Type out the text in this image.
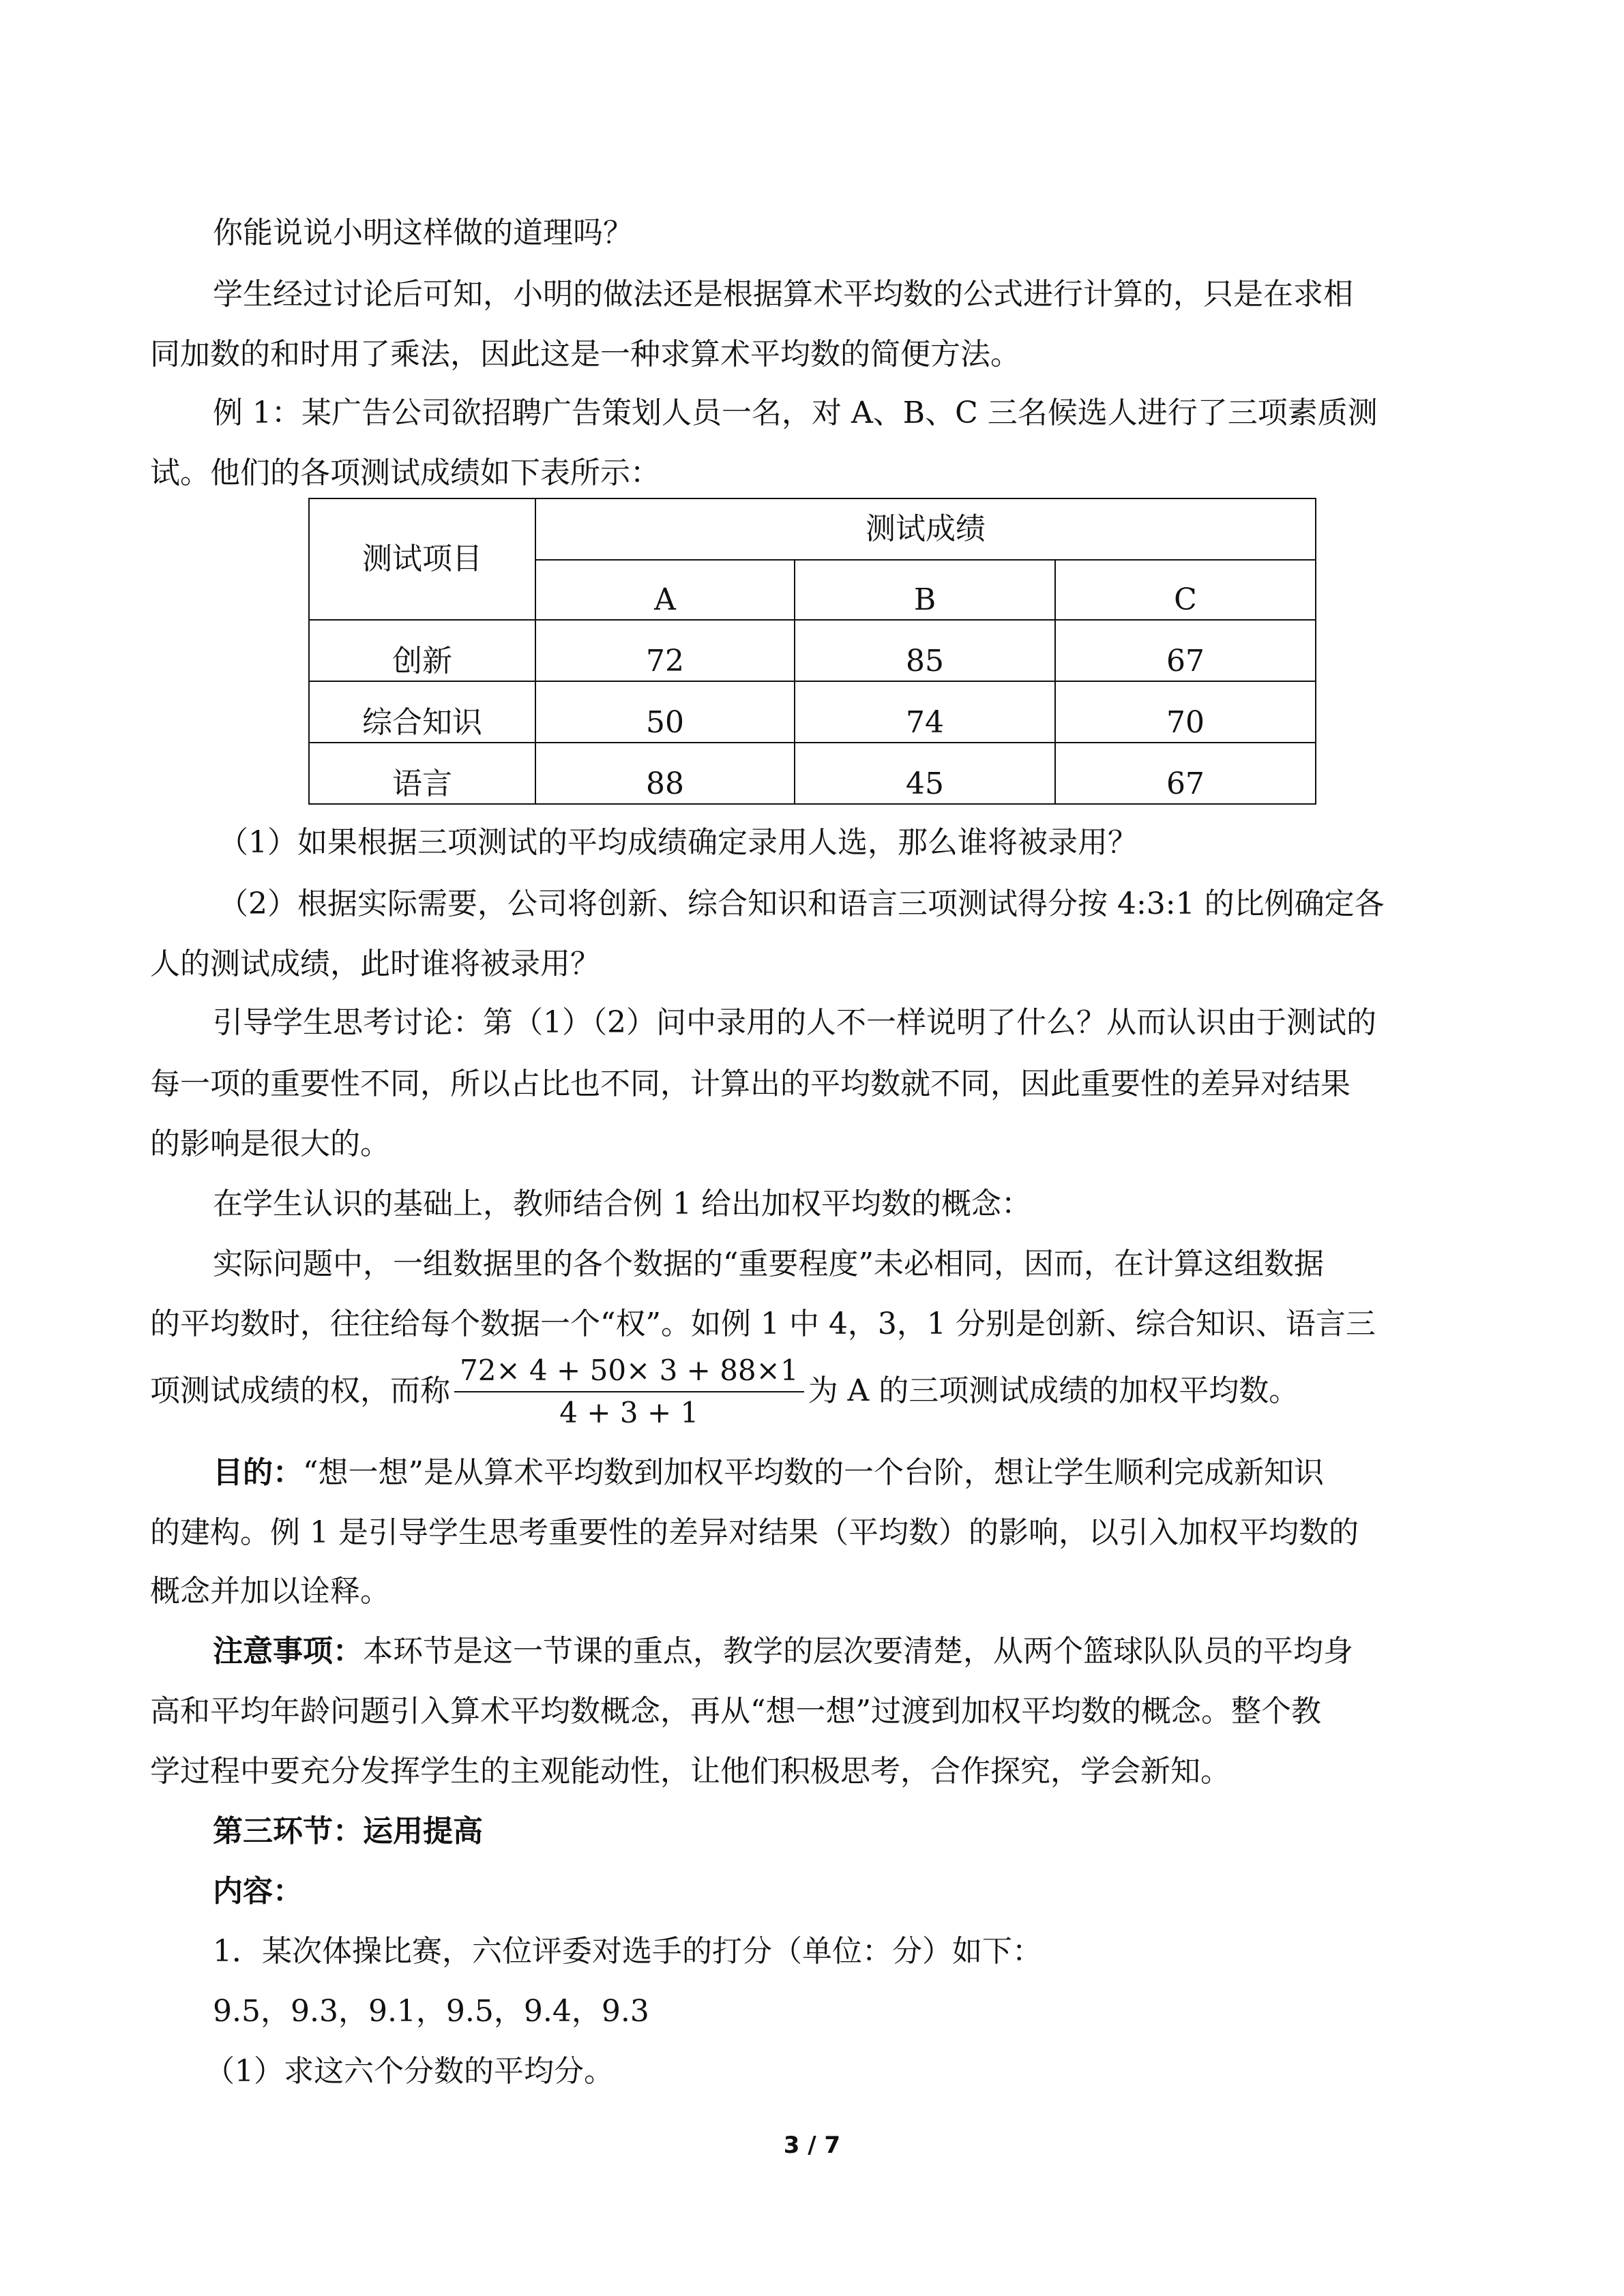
你能说说小明这样做的道理吗？
学生经过讨论后可知，小明的做法还是根据算术平均数的公式进行计算的，只是在求相
同加数的和时用了乘法，因此这是一种求算术平均数的简便方法。
例 1：某广告公司欲招聘广告策划人员一名，对 A、B、C 三名候选人进行了三项素质测
试。他们的各项测试成绩如下表所示：
测试项目	测试成绩		
	A	B	C
创新	72	85	67
综合知识	50	74	70
语言	88	45	67
（1）如果根据三项测试的平均成绩确定录用人选，那么谁将被录用？
（2）根据实际需要，公司将创新、综合知识和语言三项测试得分按 4:3:1 的比例确定各
人的测试成绩，此时谁将被录用？
引导学生思考讨论：第（1）（2）问中录用的人不一样说明了什么？从而认识由于测试的
每一项的重要性不同，所以占比也不同，计算出的平均数就不同，因此重要性的差异对结果
的影响是很大的。
在学生认识的基础上，教师结合例 1 给出加权平均数的概念：
实际问题中，一组数据里的各个数据的“重要程度”未必相同，因而，在计算这组数据
的平均数时，往往给每个数据一个“权”。如例 1 中 4，3，1 分别是创新、综合知识、语言三
项测试成绩的权，而称 $\frac{72\times 4 + 50\times 3 + 88\times 1}{4 + 3 + 1}$ 为 A 的三项测试成绩的加权平均数。
目的：“想一想”是从算术平均数到加权平均数的一个台阶，想让学生顺利完成新知识
的建构。例 1 是引导学生思考重要性的差异对结果（平均数）的影响，以引入加权平均数的
概念并加以诠释。
注意事项：本环节是这一节课的重点，教学的层次要清楚，从两个篮球队队员的平均身
高和平均年龄问题引入算术平均数概念，再从“想一想”过渡到加权平均数的概念。整个教
学过程中要充分发挥学生的主观能动性，让他们积极思考，合作探究，学会新知。
第三环节：运用提高
内容：
1．某次体操比赛，六位评委对选手的打分（单位：分）如下：
9.5，9.3，9.1，9.5，9.4，9.3
（1）求这六个分数的平均分。
3 / 7
